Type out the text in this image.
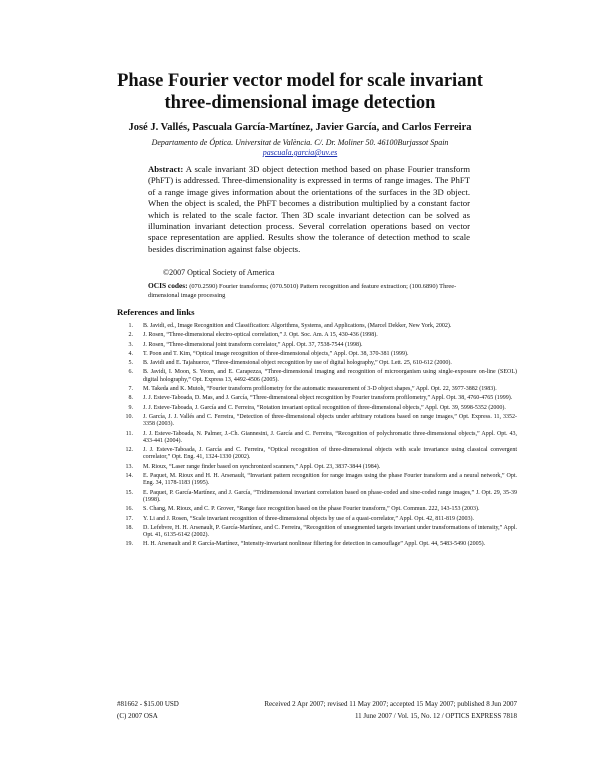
Phase Fourier vector model for scale invariant
three-dimensional image detection
José J. Vallés, Pascuala García-Martínez, Javier García, and Carlos Ferreira
Departamento de Óptica. Universitat de València. C/. Dr. Moliner 50. 46100Burjassot Spain
pascuala.garcia@uv.es
Abstract: A scale invariant 3D object detection method based on phase Fourier transform (PhFT) is addressed. Three-dimensionality is expressed in terms of range images. The PhFT of a range image gives information about the orientations of the surfaces in the 3D object. When the object is scaled, the PhFT becomes a distribution multiplied by a constant factor which is related to the scale factor. Then 3D scale invariant detection can be solved as illumination invariant detection process. Several correlation operations based on vector space representation are applied. Results show the tolerance of detection method to scale besides discrimination against false objects.
©2007 Optical Society of America
OCIS codes: (070.2590) Fourier transforms; (070.5010) Pattern recognition and feature extraction; (100.6890) Three-dimensional image processing
References and links
1. B. Javidi, ed., Image Recognition and Classification: Algorithms, Systems, and Applications, (Marcel Dekker, New York, 2002).
2. J. Rosen, “Three-dimensional electro-optical correlation,” J. Opt. Soc. Am. A 15, 430-436 (1998).
3. J. Rosen, “Three-dimensional joint transform correlator,” Appl. Opt. 37, 7538-7544 (1998).
4. T. Poon and T. Kim, “Optical image recognition of three-dimensional objects,” Appl. Opt. 38, 370-381 (1999).
5. B. Javidi and E. Tajahuerce, “Three-dimensional object recognition by use of digital holography,” Opt. Lett. 25, 610-612 (2000).
6. B. Javidi, I. Moon, S. Yeom, and E. Carapezza, “Three-dimensional imaging and recognition of microorganism using single-exposure on-line (SEOL) digital holography,” Opt. Express 13, 4492-4506 (2005).
7. M. Takeda and K. Mutoh, “Fourier transform profilometry for the automatic measurement of 3-D object shapes,” Appl. Opt. 22, 3977-3882 (1983).
8. J. J. Esteve-Taboada, D. Mas, and J. García, “Three-dimensional object recognition by Fourier transform profilometry,” Appl. Opt. 38, 4760-4765 (1999).
9. J. J. Esteve-Taboada, J. García and C. Ferreira, “Rotation invariant optical recognition of three-dimensional objects,” Appl. Opt. 39, 5998-5352 (2000).
10. J. García, J. J. Vallés and C. Ferreira, “Detection of three-dimensional objects under arbitrary rotations based on range images,” Opt. Express. 11, 3352-3358 (2003).
11. J. J. Esteve-Taboada, N. Palmer, J.-Ch. Giannesini, J. García and C. Ferreira, “Recognition of polychromatic three-dimensional objects,” Appl. Opt. 43, 433-441 (2004).
12. J. J. Esteve-Taboada, J. García and C. Ferreira, “Optical recognition of three-dimensional objects with scale invariance using classical convergent correlator,” Opt. Eng. 41, 1324-1330 (2002).
13. M. Rioux, “Laser range finder based on synchronized scanners,” Appl. Opt. 23, 3837-3844 (1984).
14. E. Paquet, M. Rioux and H. H. Arsenault, “Invariant pattern recognition for range images using the phase Fourier transform and a neural network,” Opt. Eng. 34, 1178-1183 (1995).
15. E. Paquet, P. García-Martínez, and J. García, “Tridimensional invariant correlation based on phase-coded and sine-coded range images,” J. Opt. 29, 35-39 (1998).
16. S. Chang, M. Rioux, and C. P. Grover, “Range face recognition based on the phase Fourier transform,” Opt. Commun. 222, 143-153 (2003).
17. Y. Li and J. Rosen, “Scale invariant recognition of three-dimensional objects by use of a quasi-correlator,” Appl. Opt. 42, 811-819 (2003).
18. D. Lefebvre, H. H. Arsenault, P. García-Martínez, and C. Ferreira, “Recognition of unsegmented targets invariant under transformations of intensity,” Appl. Opt. 41, 6135-6142 (2002).
19. H. H. Arsenault and P. García-Martínez, “Intensity-invariant nonlinear filtering for detection in camouflage” Appl. Opt. 44, 5483-5490 (2005).
#81662 - $15.00 USD	Received 2 Apr 2007; revised 11 May 2007; accepted 15 May 2007; published 8 Jun 2007
(C) 2007 OSA	11 June 2007 / Vol. 15, No. 12 / OPTICS EXPRESS 7818
